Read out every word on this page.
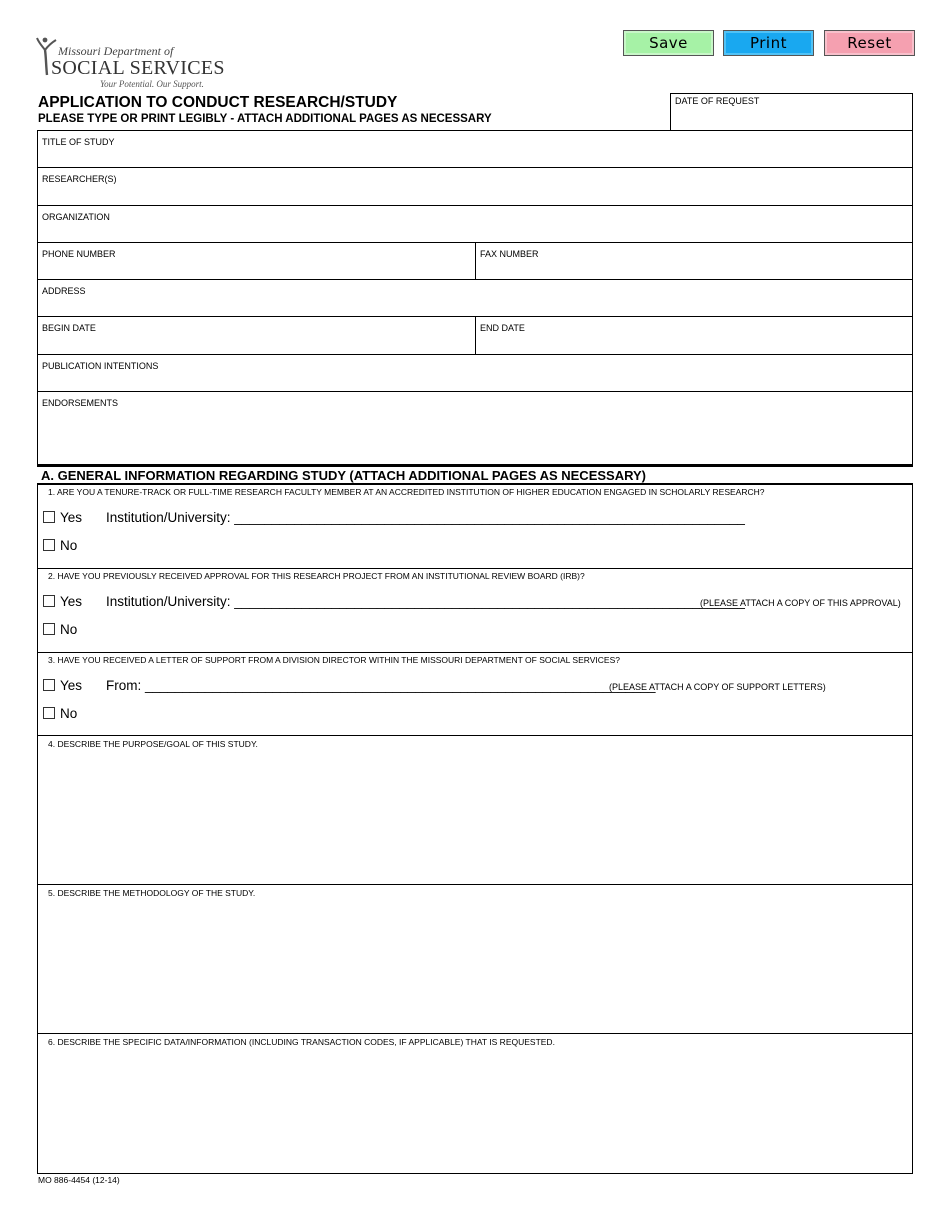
Save	Print	Reset
Missouri Department of
SOCIAL SERVICES
Your Potential. Our Support.
APPLICATION TO CONDUCT RESEARCH/STUDY
PLEASE TYPE OR PRINT LEGIBLY - ATTACH ADDITIONAL PAGES AS NECESSARY
DATE OF REQUEST
TITLE OF STUDY
RESEARCHER(S)
ORGANIZATION
PHONE NUMBER	FAX NUMBER
ADDRESS
BEGIN DATE	END DATE
PUBLICATION INTENTIONS
ENDORSEMENTS
A. GENERAL INFORMATION REGARDING STUDY (ATTACH ADDITIONAL PAGES AS NECESSARY)
1. ARE YOU A TENURE-TRACK OR FULL-TIME RESEARCH FACULTY MEMBER AT AN ACCREDITED INSTITUTION OF HIGHER EDUCATION ENGAGED IN SCHOLARLY RESEARCH?
Yes Institution/University: ____________________________________________________________________
No
2. HAVE YOU PREVIOUSLY RECEIVED APPROVAL FOR THIS RESEARCH PROJECT FROM AN INSTITUTIONAL REVIEW BOARD (IRB)?
Yes Institution/University: ____________________________________________________________________
(PLEASE ATTACH A COPY OF THIS APPROVAL)
No
3. HAVE YOU RECEIVED A LETTER OF SUPPORT FROM A DIVISION DIRECTOR WITHIN THE MISSOURI DEPARTMENT OF SOCIAL SERVICES?
Yes From: ____________________________________________________________________
(PLEASE ATTACH A COPY OF SUPPORT LETTERS)
No
4. DESCRIBE THE PURPOSE/GOAL OF THIS STUDY.
5. DESCRIBE THE METHODOLOGY OF THE STUDY.
6. DESCRIBE THE SPECIFIC DATA/INFORMATION (INCLUDING TRANSACTION CODES, IF APPLICABLE) THAT IS REQUESTED.
MO 886-4454 (12-14)
